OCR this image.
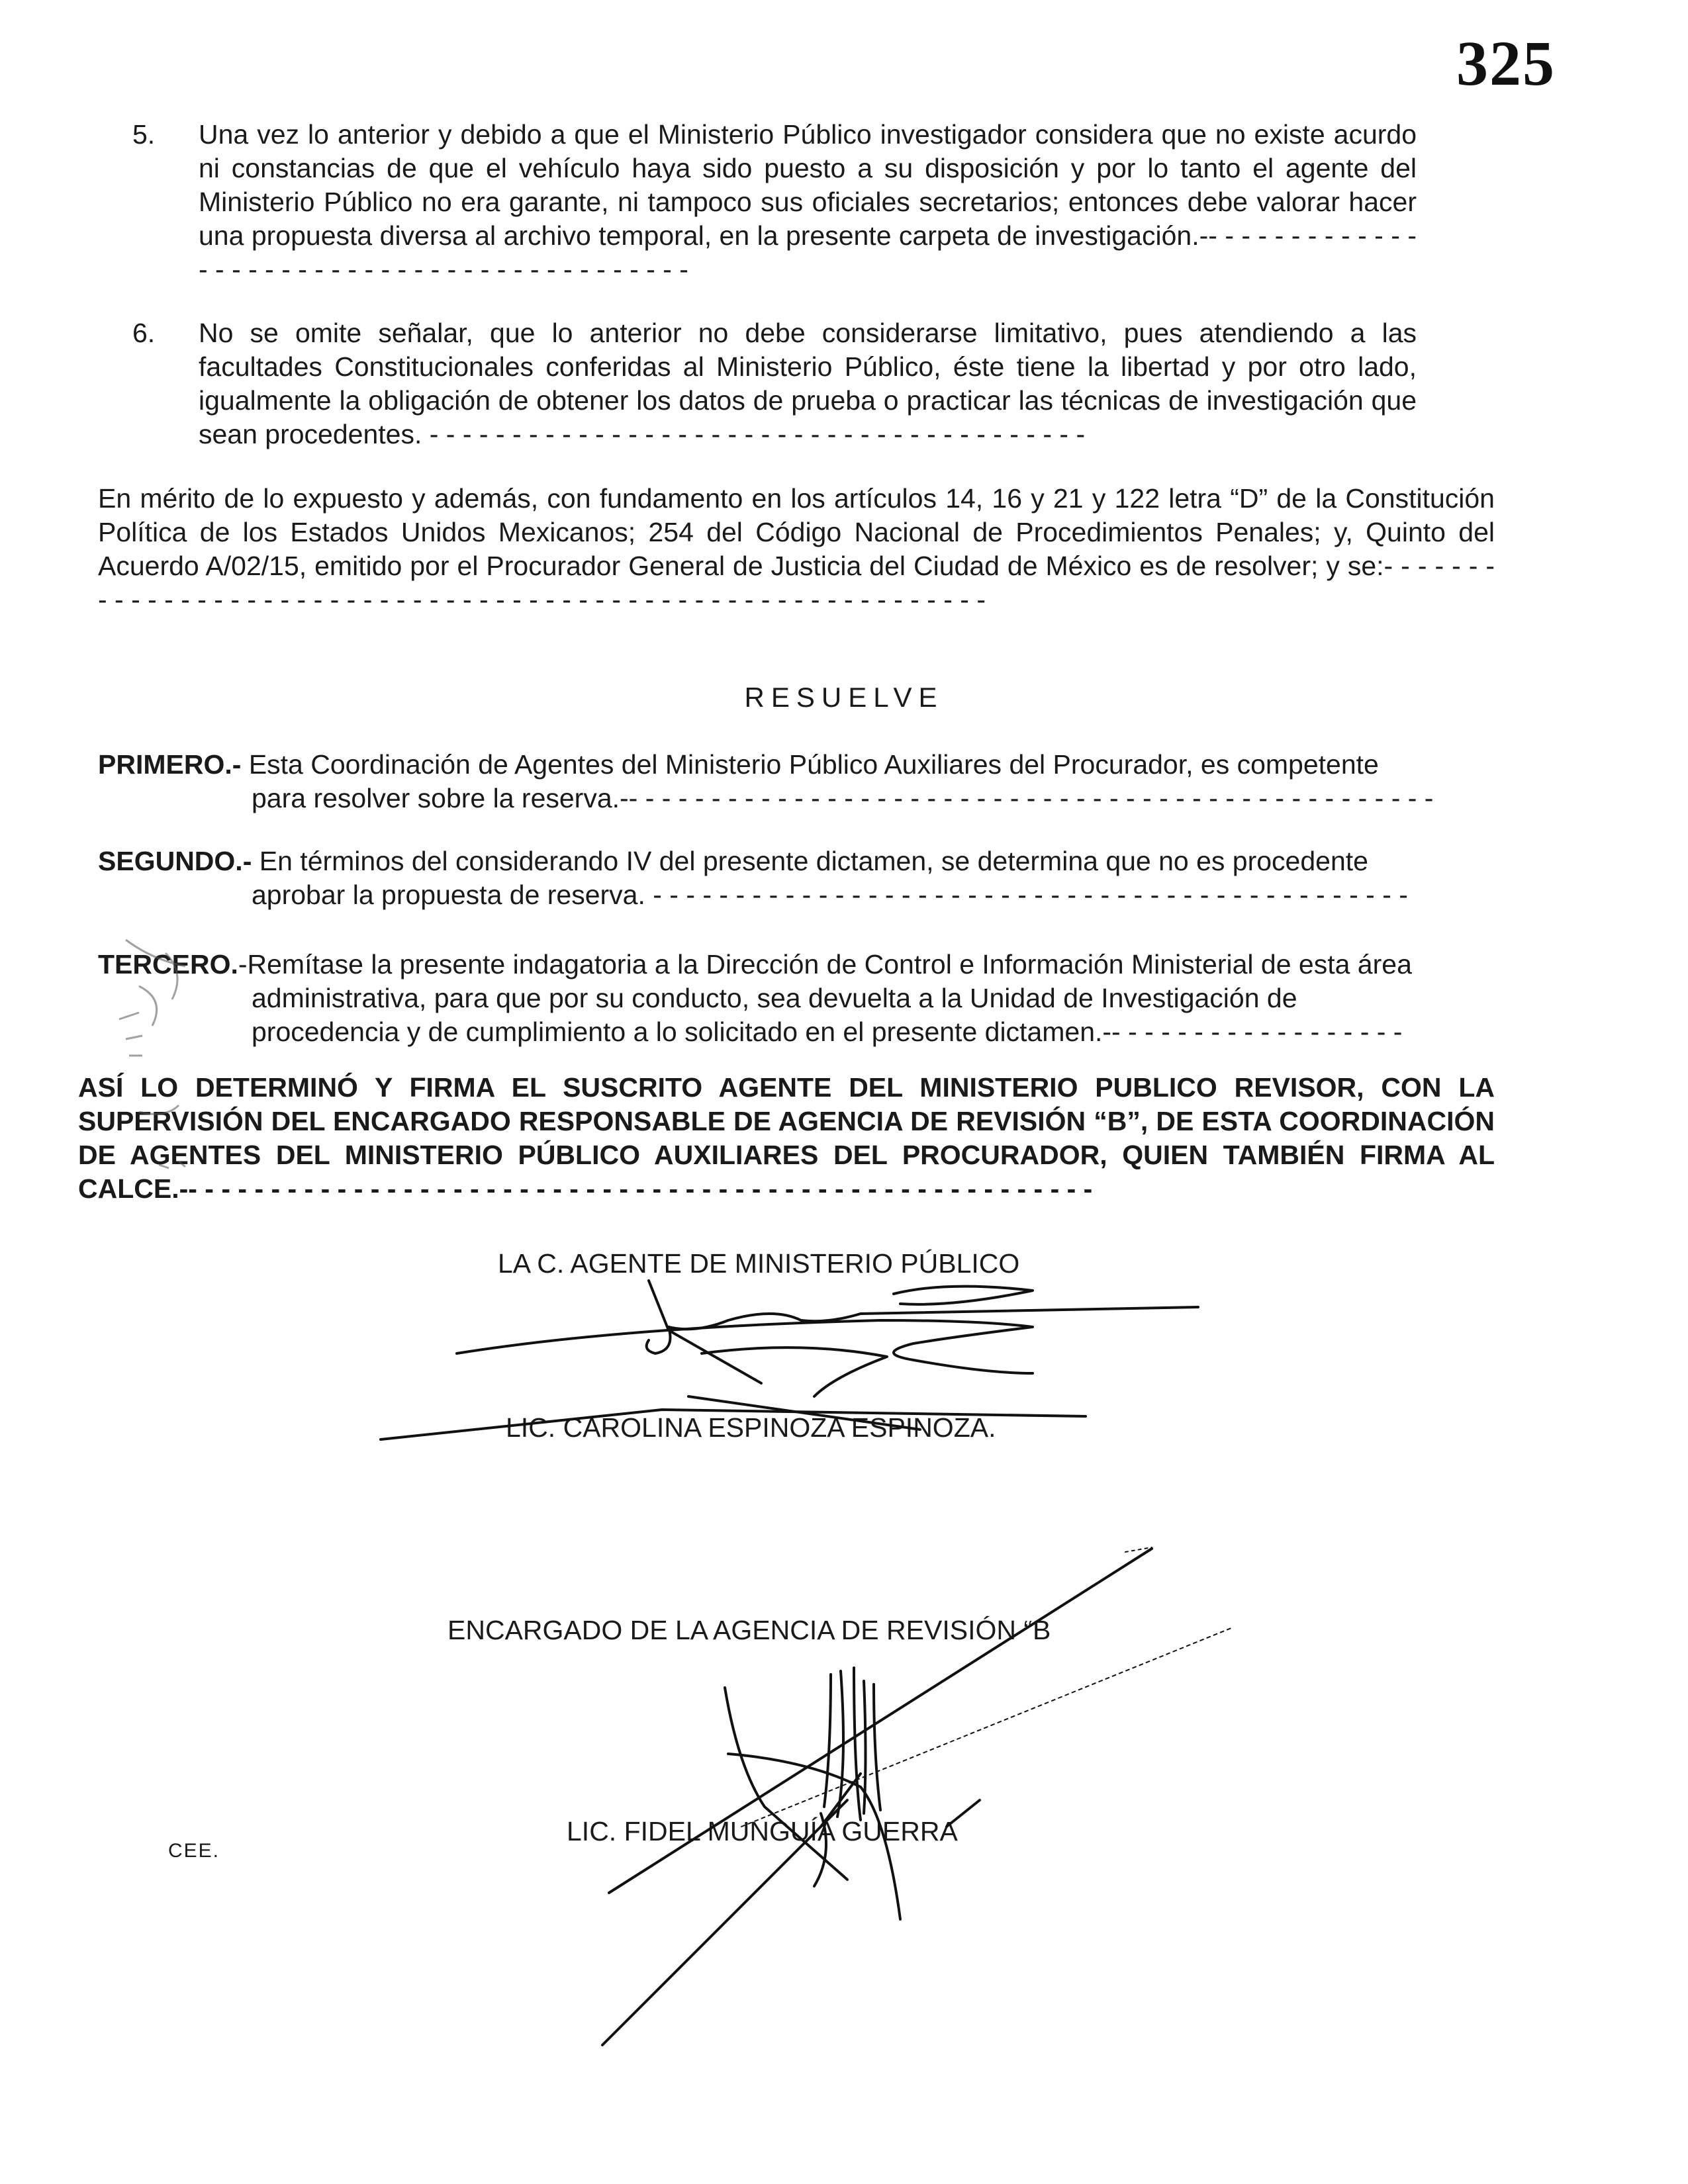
325
5. Una vez lo anterior y debido a que el Ministerio Público investigador considera que no existe acurdo ni constancias de que el vehículo haya sido puesto a su disposición y por lo tanto el agente del Ministerio Público no era garante, ni tampoco sus oficiales secretarios; entonces debe valorar hacer una propuesta diversa al archivo temporal, en la presente carpeta de investigación.-- - - - - - - - - - - - - - - - - - - - - - - - - - - - - - - - - - - - - - - - - - -

6. No se omite señalar, que lo anterior no debe considerarse limitativo, pues atendiendo a las facultades Constitucionales conferidas al Ministerio Público, éste tiene la libertad y por otro lado, igualmente la obligación de obtener los datos de prueba o practicar las técnicas de investigación que sean procedentes. - - - - - - - - - - - - - - - - - - - - - - - - - - - - - - - - - - - - - - - -

En mérito de lo expuesto y además, con fundamento en los artículos 14, 16 y 21 y 122 letra “D” de la Constitución Política de los Estados Unidos Mexicanos; 254 del Código Nacional de Procedimientos Penales; y, Quinto del Acuerdo A/02/15, emitido por el Procurador General de Justicia del Ciudad de México es de resolver; y se:- - - - - - - - - - - - - - - - - - - - - - - - - - - - - - - - - - - - - - - - - - - - - - - - - - - - - - - - - - - - -

RESUELVE
PRIMERO.- Esta Coordinación de Agentes del Ministerio Público Auxiliares del Procurador, es competente
para resolver sobre la reserva.-- - - - - - - - - - - - - - - - - - - - - - - - - - - - - - - - - - - - - - - - - - - - - - - - -
SEGUNDO.- En términos del considerando IV del presente dictamen, se determina que no es procedente
aprobar la propuesta de reserva. - - - - - - - - - - - - - - - - - - - - - - - - - - - - - - - - - - - - - - - - - - - - - -
TERCERO.-Remítase la presente indagatoria a la Dirección de Control e Información Ministerial de esta área
administrativa, para que por su conducto, sea devuelta a la Unidad de Investigación de
procedencia y de cumplimiento a lo solicitado en el presente dictamen.-- - - - - - - - - - - - - - - - - -

ASÍ LO DETERMINÓ Y FIRMA EL SUSCRITO AGENTE DEL MINISTERIO PUBLICO REVISOR, CON LA SUPERVISIÓN DEL ENCARGADO RESPONSABLE DE AGENCIA DE REVISIÓN “B”, DE ESTA COORDINACIÓN DE AGENTES DEL MINISTERIO PÚBLICO AUXILIARES DEL PROCURADOR, QUIEN TAMBIÉN FIRMA AL CALCE.-- - - - - - - - - - - - - - - - - - - - - - - - - - - - - - - - - - - - - - - - - - - - - - - - - - - - - - -

LA C. AGENTE DE MINISTERIO PÚBLICO
LIC. CAROLINA ESPINOZA ESPINOZA.
ENCARGADO DE LA AGENCIA DE REVISIÓN “B
LIC. FIDEL MUNGUÍA GUERRA
CEE.
